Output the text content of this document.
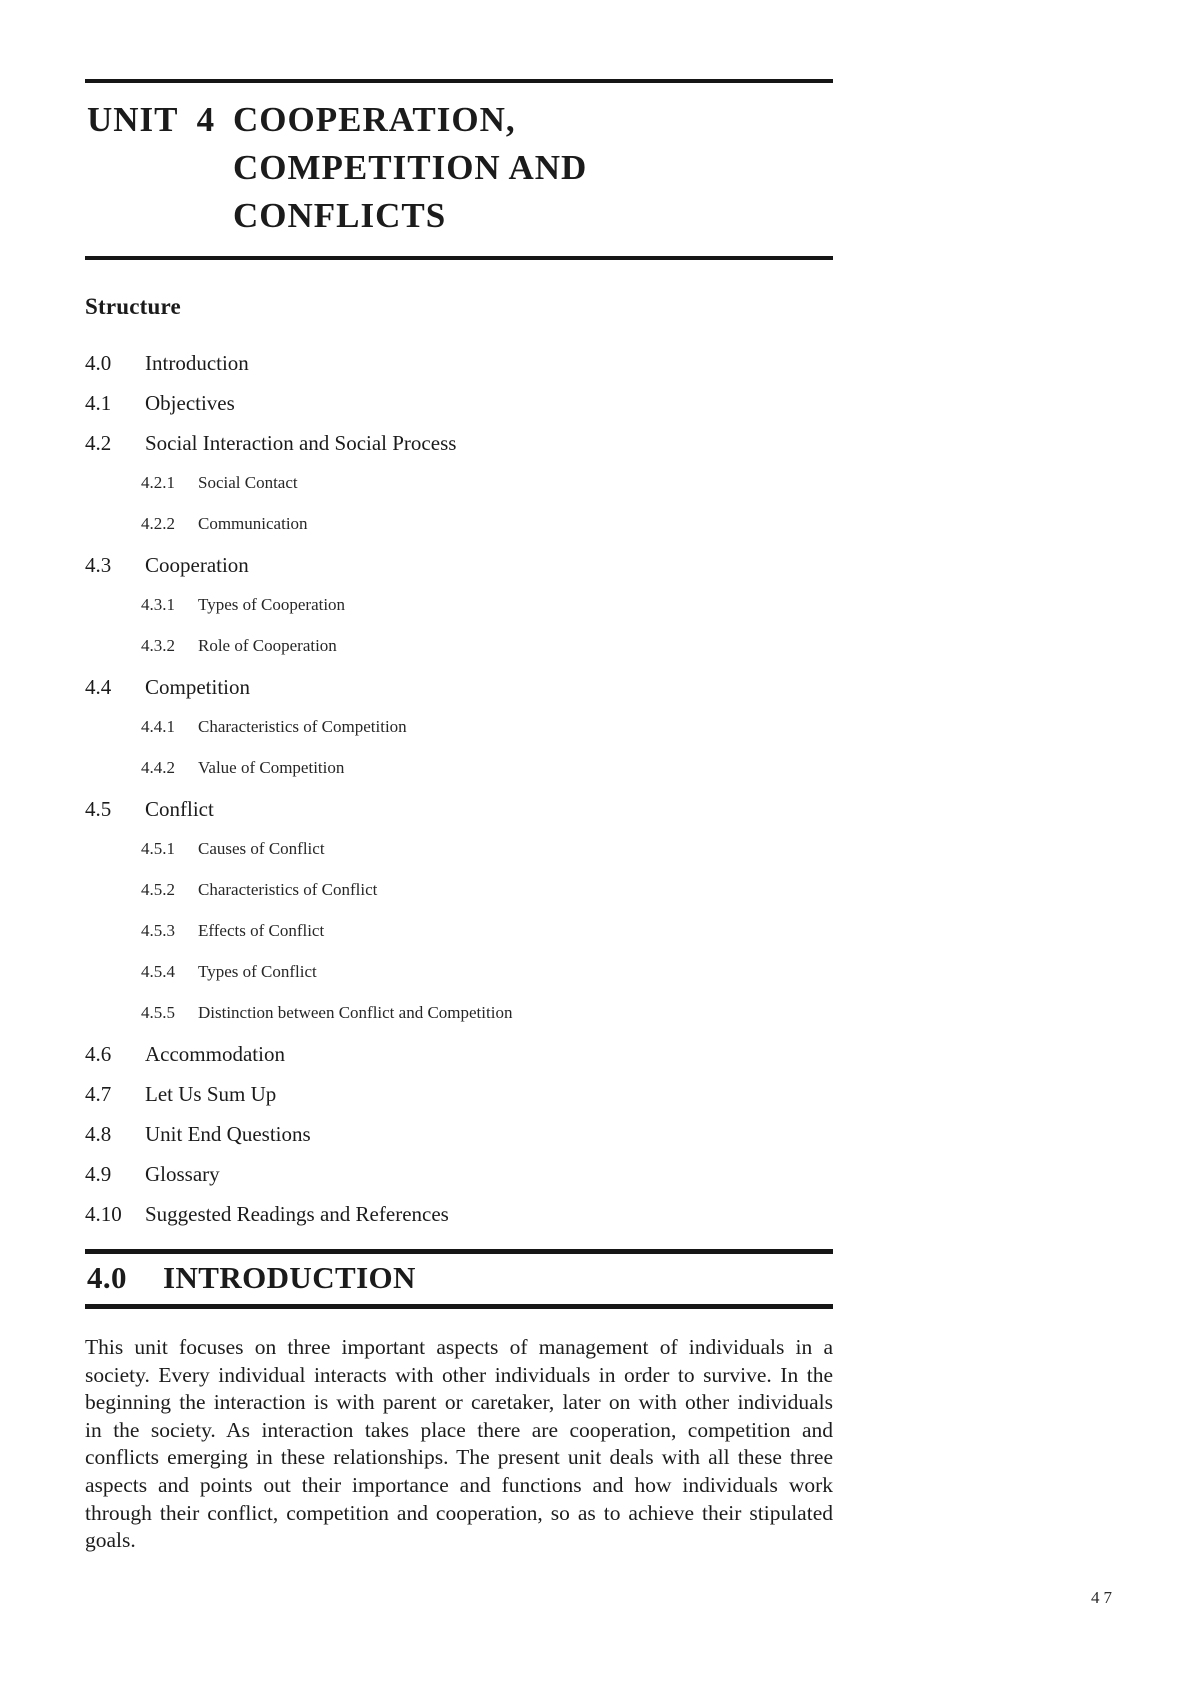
UNIT 4 COOPERATION,
COMPETITION AND
CONFLICTS
Structure
4.0	Introduction
4.1	Objectives
4.2	Social Interaction and Social Process
4.2.1	Social Contact
4.2.2	Communication
4.3	Cooperation
4.3.1	Types of Cooperation
4.3.2	Role of Cooperation
4.4	Competition
4.4.1	Characteristics of Competition
4.4.2	Value of Competition
4.5	Conflict
4.5.1	Causes of Conflict
4.5.2	Characteristics of Conflict
4.5.3	Effects of Conflict
4.5.4	Types of Conflict
4.5.5	Distinction between Conflict and Competition
4.6	Accommodation
4.7	Let Us Sum Up
4.8	Unit End Questions
4.9	Glossary
4.10	Suggested Readings and References
4.0	INTRODUCTION

This unit focuses on three important aspects of management of individuals in a society. Every individual interacts with other individuals in order to survive. In the beginning the interaction is with parent or caretaker, later on with other individuals in the society. As interaction takes place there are cooperation, competition and conflicts emerging in these relationships. The present unit deals with all these three aspects and points out their importance and functions and how individuals work through their conflict, competition and cooperation, so as to achieve their stipulated goals.

47
